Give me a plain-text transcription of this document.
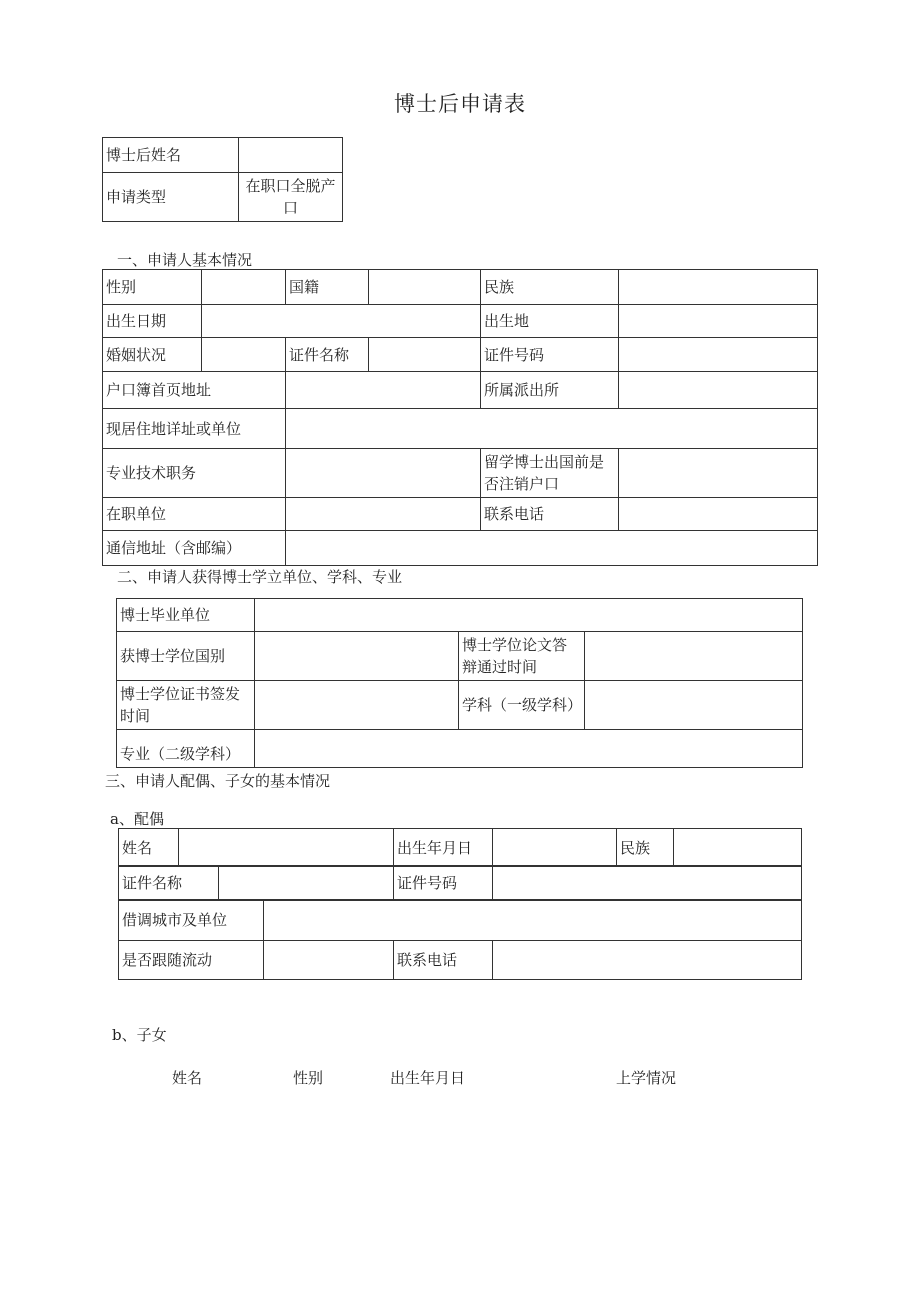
博士后申请表
博士后姓名	
申请类型	在职口全脱产口
一、申请人基本情况
性别		国籍		民族	
出生日期				出生地	
婚姻状况		证件名称		证件号码	
户口簿首页地址				所属派出所	
现居住地详址或单位					
专业技术职务				留学博士出国前是否注销户口	
在职单位				联系电话	
通信地址（含邮编）					
二、申请人获得博士学立单位、学科、专业
博士毕业单位			
获博士学位国别		博士学位论文答辩通过时间	
博士学位证书签发时间		学科（一级学科）	
专业（二级学科）			
三、申请人配偶、子女的基本情况
a、配偶
姓名		出生年月日		民族	
证件名称		证件号码	
借调城市及单位			
是否跟随流动		联系电话	
b、子女
姓名	性别	出生年月日	上学情况
